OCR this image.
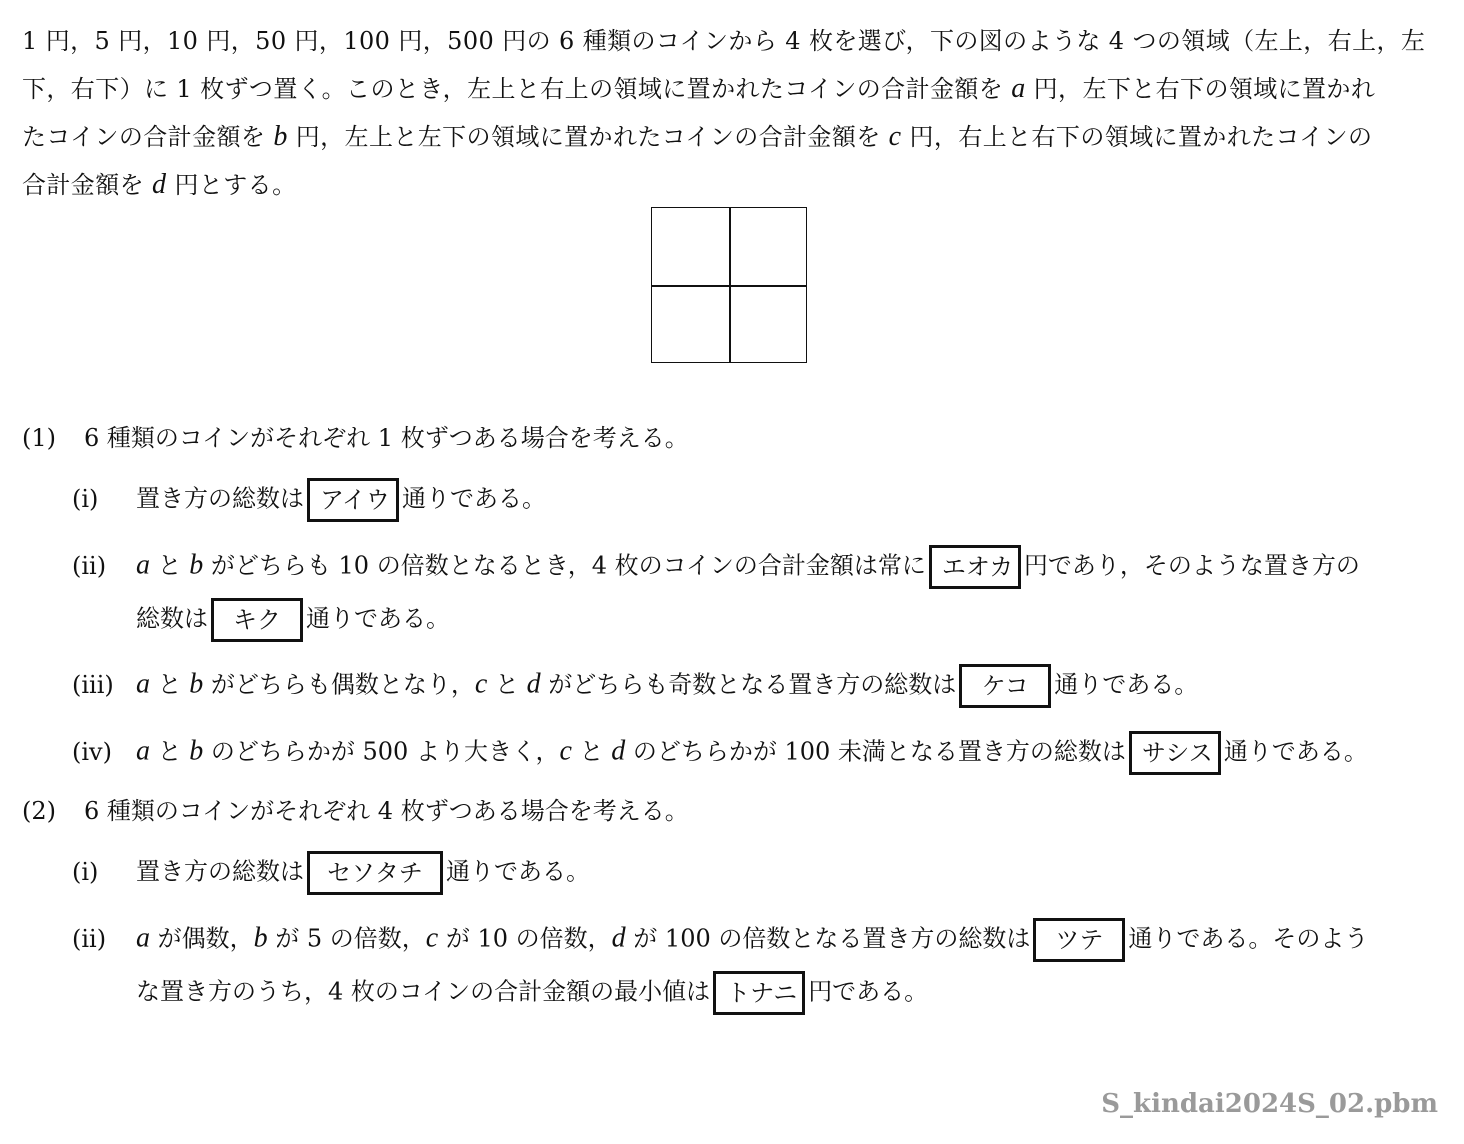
1 円，5 円，10 円，50 円，100 円，500 円の 6 種類のコインから 4 枚を選び，下の図のような 4 つの領域（左上，右上，左

下，右下）に 1 枚ずつ置く。このとき，左上と右上の領域に置かれたコインの合計金額を a 円，左下と右下の領域に置かれ

たコインの合計金額を b 円，左上と左下の領域に置かれたコインの合計金額を c 円，右上と右下の領域に置かれたコインの

合計金額を d 円とする。

(1) 6 種類のコインがそれぞれ 1 枚ずつある場合を考える。
(i) 置き方の総数は アイウ 通りである。
(ii) a と b がどちらも 10 の倍数となるとき，4 枚のコインの合計金額は常に エオカ 円であり，そのような置き方の
総数は キク 通りである。
(iii) a と b がどちらも偶数となり，c と d がどちらも奇数となる置き方の総数は ケコ 通りである。
(iv) a と b のどちらかが 500 より大きく，c と d のどちらかが 100 未満となる置き方の総数は サシス 通りである。
(2) 6 種類のコインがそれぞれ 4 枚ずつある場合を考える。
(i) 置き方の総数は セソタチ 通りである。
(ii) a が偶数，b が 5 の倍数，c が 10 の倍数，d が 100 の倍数となる置き方の総数は ツテ 通りである。そのよう
な置き方のうち，4 枚のコインの合計金額の最小値は トナニ 円である。
S_kindai2024S_02.pbm
